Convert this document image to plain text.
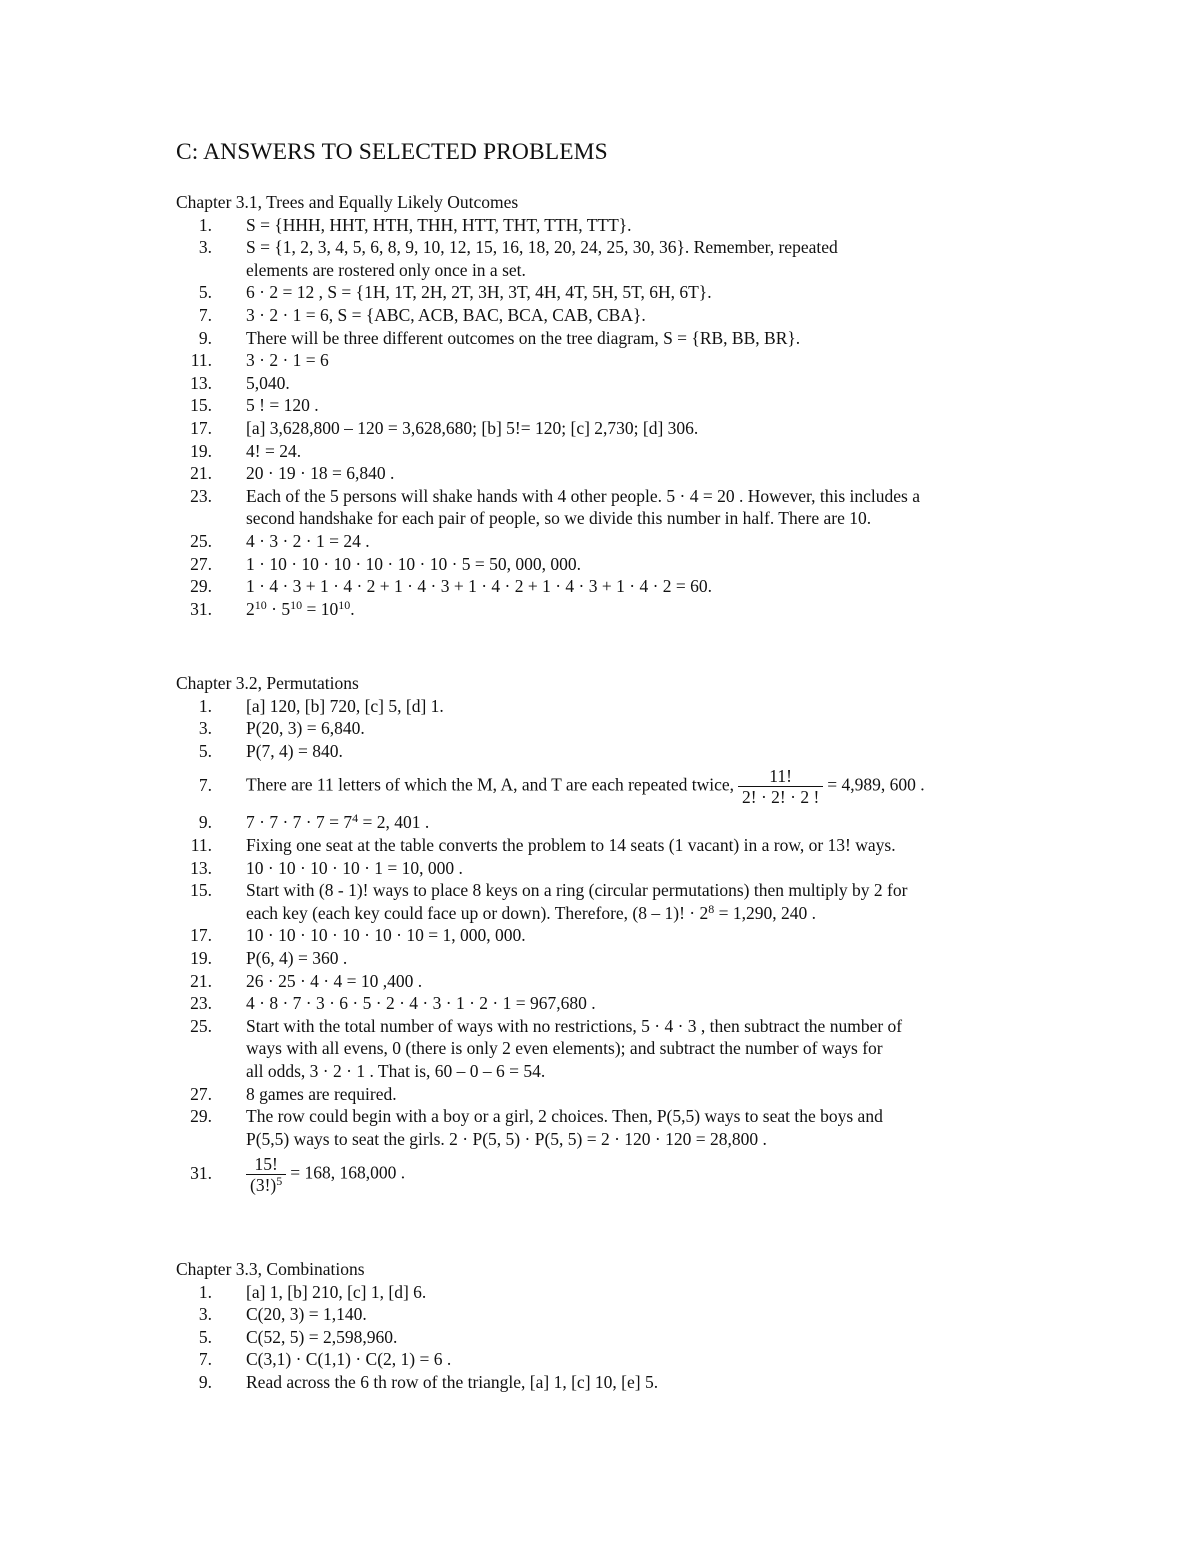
C: ANSWERS TO SELECTED PROBLEMS
Chapter 3.1, Trees and Equally Likely Outcomes
1. S = {HHH, HHT, HTH, THH, HTT, THT, TTH, TTT}.
3. S = {1, 2, 3, 4, 5, 6, 8, 9, 10, 12, 15, 16, 18, 20, 24, 25, 30, 36}. Remember, repeated
elements are rostered only once in a set.
5. 6 · 2 = 12 , S = {1H, 1T, 2H, 2T, 3H, 3T, 4H, 4T, 5H, 5T, 6H, 6T}.
7. 3 · 2 · 1 = 6, S = {ABC, ACB, BAC, BCA, CAB, CBA}.
9. There will be three different outcomes on the tree diagram, S = {RB, BB, BR}.
11. 3 · 2 · 1 = 6
13. 5,040.
15. 5 ! = 120 .
17. [a] 3,628,800 – 120 = 3,628,680; [b] 5!= 120; [c] 2,730; [d] 306.
19. 4! = 24.
21. 20 · 19 · 18 = 6,840 .
23. Each of the 5 persons will shake hands with 4 other people. 5 · 4 = 20 . However, this includes a
second handshake for each pair of people, so we divide this number in half. There are 10.
25. 4 · 3 · 2 · 1 = 24 .
27. 1 · 10 · 10 · 10 · 10 · 10 · 10 · 5 = 50, 000, 000.
29. 1 · 4 · 3 + 1 · 4 · 2 + 1 · 4 · 3 + 1 · 4 · 2 + 1 · 4 · 3 + 1 · 4 · 2 = 60.
31. $2^{10} \cdot 5^{10} = 10^{10}$.
Chapter 3.2, Permutations
1. [a] 120, [b] 720, [c] 5, [d] 1.
3. P(20, 3) = 6,840.
5. P(7, 4) = 840.
7. There are 11 letters of which the M, A, and T are each repeated twice, $\frac{11!}{2! \cdot 2! \cdot 2 !} = 4,989$, 600 .
9. $7 \cdot 7 \cdot 7 \cdot 7 = 7^4 = 2$, 401 .
11. Fixing one seat at the table converts the problem to 14 seats (1 vacant) in a row, or 13! ways.
13. 10 · 10 · 10 · 10 · 1 = 10, 000 .
15. Start with (8 - 1)! ways to place 8 keys on a ring (circular permutations) then multiply by 2 for
each key (each key could face up or down). Therefore, (8 – 1)! · $2^8 = 1,290$, 240 .
17. 10 · 10 · 10 · 10 · 10 · 10 = 1, 000, 000.
19. P(6, 4) = 360 .
21. 26 · 25 · 4 · 4 = 10 ,400 .
23. 4 · 8 · 7 · 3 · 6 · 5 · 2 · 4 · 3 · 1 · 2 · 1 = 967,680 .
25. Start with the total number of ways with no restrictions, 5 · 4 · 3 , then subtract the number of
ways with all evens, 0 (there is only 2 even elements); and subtract the number of ways for
all odds, 3 · 2 · 1 . That is, 60 – 0 – 6 = 54.
27. 8 games are required.
29. The row could begin with a boy or a girl, 2 choices. Then, P(5,5) ways to seat the boys and
P(5,5) ways to seat the girls. 2 · P(5, 5) · P(5, 5) = 2 · 120 · 120 = 28,800 .
31. $\frac{15!}{(3!)^5} = 168$, 168,000 .
Chapter 3.3, Combinations
1. [a] 1, [b] 210, [c] 1, [d] 6.
3. C(20, 3) = 1,140.
5. C(52, 5) = 2,598,960.
7. C(3,1) · C(1,1) · C(2, 1) = 6 .
9. Read across the 6 th row of the triangle, [a] 1, [c] 10, [e] 5.
